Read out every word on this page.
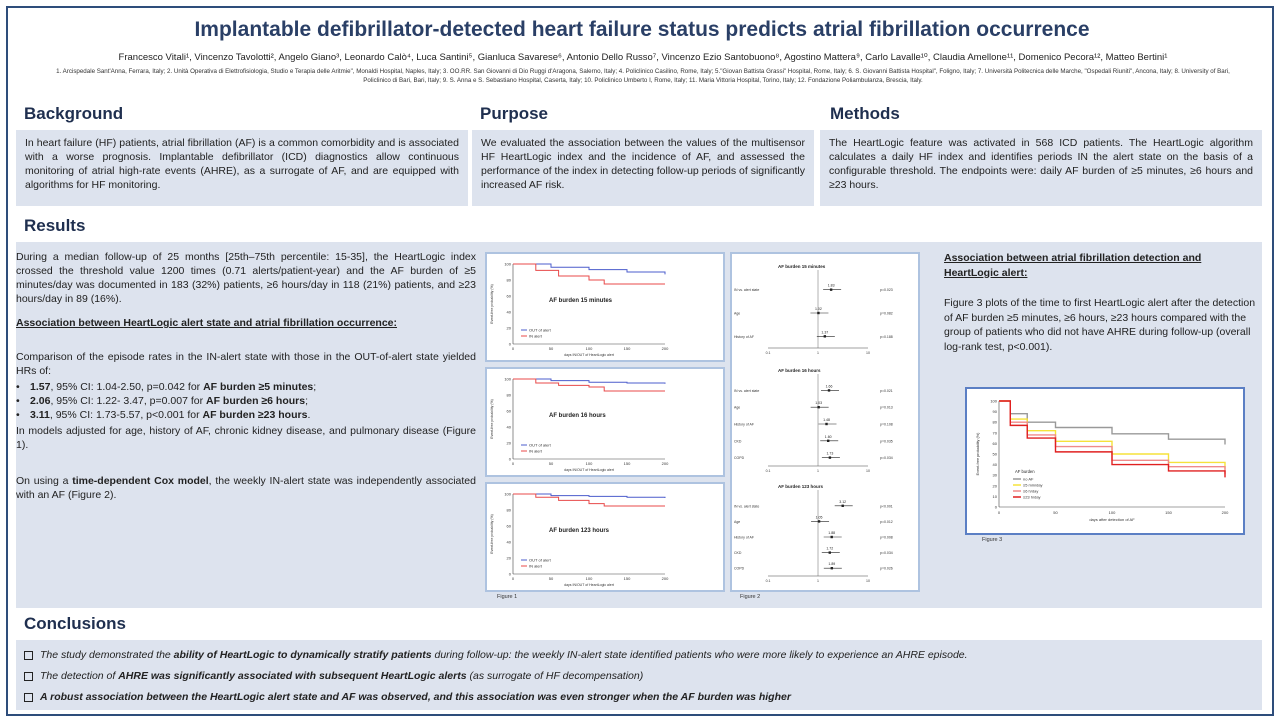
Implantable defibrillator-detected heart failure status predicts atrial fibrillation occurrence
Francesco Vitali¹, Vincenzo Tavolotti², Angelo Giano³, Leonardo Calò⁴, Luca Santini⁵, Gianluca Savarese⁶, Antonio Dello Russo⁷, Vincenzo Ezio Santobuono⁸, Agostino Mattera⁹, Carlo Lavalle¹⁰, Claudia Amellone¹¹, Domenico Pecora¹², Matteo Bertini¹
1. Arcispedale Sant'Anna, Ferrara, Italy; 2. Unità Operativa di Elettrofisiologia, Studio e Terapia delle Aritmie", Monaldi Hospital, Naples, Italy; 3. OO.RR. San Giovanni di Dio Ruggi d'Aragona, Salerno, Italy; 4. Policlinico Casilino, Rome, Italy; 5."Giovan Battista Grassi" Hospital, Rome, Italy; 6. S. Giovanni Battista Hospital", Foligno, Italy; 7. Università Politecnica delle Marche, "Ospedali Riuniti", Ancona, Italy; 8. University of Bari, Policlinico di Bari, Bari, Italy; 9. S. Anna e S. Sebastiano Hospital, Caserta, Italy; 10. Policlinico Umberto I, Rome, Italy; 11. Maria Vittoria Hospital, Torino, Italy; 12. Fondazione Poliambulanza, Brescia, Italy.
Background	Purpose	Methods
In heart failure (HF) patients, atrial fibrillation (AF) is a common comorbidity and is associated with a worse prognosis. Implantable defibrillator (ICD) diagnostics allow continuous monitoring of atrial high-rate events (AHRE), as a surrogate of AF, and are equipped with algorithms for HF monitoring.
We evaluated the association between the values of the multisensor HF HeartLogic index and the incidence of AF, and assessed the performance of the index in detecting follow-up periods of significantly increased AF risk.
The HeartLogic feature was activated in 568 ICD patients. The HeartLogic algorithm calculates a daily HF index and identifies periods IN the alert state on the basis of a configurable threshold. The endpoints were: daily AF burden of ≥5 minutes, ≥6 hours and ≥23 hours.
Results

During a median follow-up of 25 months [25th–75th percentile: 15-35], the HeartLogic index crossed the threshold value 1200 times (0.71 alerts/patient-year) and the AF burden of ≥5 minutes/day was documented in 183 (32%) patients, ≥6 hours/day in 118 (21%) patients, and ≥23 hours/day in 89 (16%).

Association between HeartLogic alert state and atrial fibrillation occurrence:

Comparison of the episode rates in the IN-alert state with those in the OUT-of-alert state yielded HRs of:

• 1.57, 95% CI: 1.04-2.50, p=0.042 for AF burden ≥5 minutes;
• 2.06, 95% CI: 1.22- 3.47, p=0.007 for AF burden ≥6 hours;
• 3.11, 95% CI: 1.73-5.57, p<0.001 for AF burden ≥23 hours.

In models adjusted for age, history of AF, chronic kidney disease, and pulmonary disease (Figure 1).

On using a time-dependent Cox model, the weekly IN-alert state was independently associated with an AF (Figure 2).

0	50	100	150	200
100
80
60
40
20
0
Event-free probability (%)
days IN/OUT of HeartLogic alert
AF burden 15 minutes
OUT of alert
IN alert
0	50	100	150	200
100
80
60
40
20
0
Event-free probability (%)
days IN/OUT of HeartLogic alert
AF burden 16 hours
OUT of alert
IN alert
0	50	100	150	200
100
80
60
40
20
0
Event-free probability (%)
days IN/OUT of HeartLogic alert
AF burden 123 hours
OUT of alert
IN alert
Figure 1
AF burden 15 minutes
0.1	1	10
IN vs. alert state
1.83
p=0.023
Age
1.02
p=0.082
History of AF
1.37
p=0.188
AF burden 16 hours
0.1	1	10
IN vs. alert state
1.66
p=0.021
Age
1.03
p=0.013
History of AF
1.48
p=0.108
CKD
1.60
p=0.035
COPD
1.73
p=0.034
AF burden 123 hours
0.1	1	10
IN vs. alert state
3.12
p<0.001
Age
1.05
p=0.012
History of AF
1.88
p=0.008
CKD
1.72
p=0.034
COPD
1.89
p=0.026
Figure 2
Association between atrial fibrillation detection and HeartLogic alert:

Figure 3 plots of the time to first HeartLogic alert after the detection of AF burden ≥5 minutes, ≥6 hours, ≥23 hours compared with the group of patients who did not have AHRE during follow-up (overall log-rank test, p<0.001).

100
90
80
70
60
50
40
30
20
10
0
0	50	100	150	200
Event-free probability (%)
days after detection of AF
AF burden
no AF
≥5 min/day
≥6 h/day
≥23 h/day
Figure 3
Conclusions
The study demonstrated the ability of HeartLogic to dynamically stratify patients during follow-up: the weekly IN-alert state identified patients who were more likely to experience an AHRE episode.
The detection of AHRE was significantly associated with subsequent HeartLogic alerts (as surrogate of HF decompensation)
A robust association between the HeartLogic alert state and AF was observed, and this association was even stronger when the AF burden was higher
